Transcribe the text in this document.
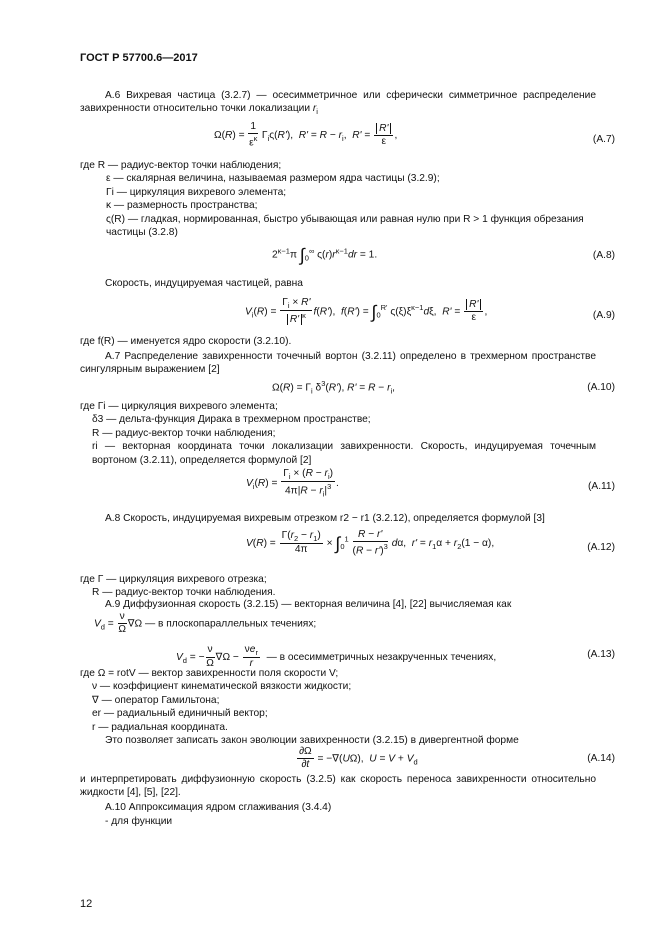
ГОСТ Р 57700.6—2017
А.6 Вихревая частица (3.2.7) — осесимметричное или сферически симметричное распределение завихренности относительно точки локализации $r_i$
$\Omega(R) = \frac{1}{\varepsilon^\kappa} \Gamma_i\varsigma(R')$,  $R' = R - r_i$,  $R' = \frac{R'}{\varepsilon}$ ,	(А.7)
где R — радиус-вектор точки наблюдения;
ε — скалярная величина, называемая размером ядра частицы (3.2.9);
Γi — циркуляция вихревого элемента;
κ — размерность пространства;
ς(R) — гладкая, нормированная, быстро убывающая или равная нулю при R > 1 функция обрезания частицы (3.2.8)
$2^{\kappa-1}\pi$ $\int_0^\infty$ $\varsigma(r)r^{\kappa-1}dr = 1$.	(А.8)
Скорость, индуцируемая частицей, равна
$V_i(R) = \frac{\Gamma_i \times R'}{R' ^\kappa} f(R')$,  $f(R') = \int_0^{R'}$ $\varsigma(\xi)\xi^{\kappa-1}d\xi$,  $R' = \frac{R'}{\varepsilon}$ ,	(А.9)
где f(R) — именуется ядро скорости (3.2.10).
А.7 Распределение завихренности точечный вортон (3.2.11) определено в трехмерном пространстве сингулярным выражением [2]
$\Omega(R) = \Gamma_i$ $\delta^3(R')$, $R' = R - r_i$,	(А.10)
где Γi — циркуляция вихревого элемента;
δ3 — дельта-функция Дирака в трехмерном пространстве;
R — радиус-вектор точки наблюдения;
ri — векторная координата точки локализации завихренности. Скорость, индуцируемая точечным вортоном (3.2.11), определяется формулой [2]
$V_i(R) = \frac{\Gamma_i \times (R - r_i)}{4\pi|R - r_i|^3}$ .	(А.11)
А.8 Скорость, индуцируемая вихревым отрезком r2 − r1 (3.2.12), определяется формулой [3]
$V(R) = \frac{\Gamma(r_2 - r_1)}{4\pi} \times \int_0^1 \frac{R - r'}{(R - r')^3} d\alpha$,  $r' = r_1\alpha + r_2(1 - \alpha)$,	(А.12)
где Γ — циркуляция вихревого отрезка;
R — радиус-вектор точки наблюдения.
А.9 Диффузионная скорость (3.2.15) — векторная величина [4], [22] вычисляемая как
$V_d = \frac{\nu}{\Omega} \nabla\Omega$ — в плоскопараллельных течениях;
$V_d$ = − $\frac{\nu}{\Omega} \nabla\Omega - \frac{\nu e_r}{r}$ — в осесимметричных незакрученных течениях,	(А.13)
где Ω = rotV — вектор завихренности поля скорости V;
ν — коэффициент кинематической вязкости жидкости;
∇ — оператор Гамильтона;
er — радиальный единичный вектор;
r — радиальная координата.
Это позволяет записать закон эволюции завихренности (3.2.15) в дивергентной форме
$\frac{\partial\Omega}{\partial t} = -\nabla(U\Omega)$,  $U = V + V_d$	(А.14)
и интерпретировать диффузионную скорость (3.2.5) как скорость переноса завихренности относительно жидкости [4], [5], [22].
А.10 Аппроксимация ядром сглаживания (3.4.4)
- для функции
12
